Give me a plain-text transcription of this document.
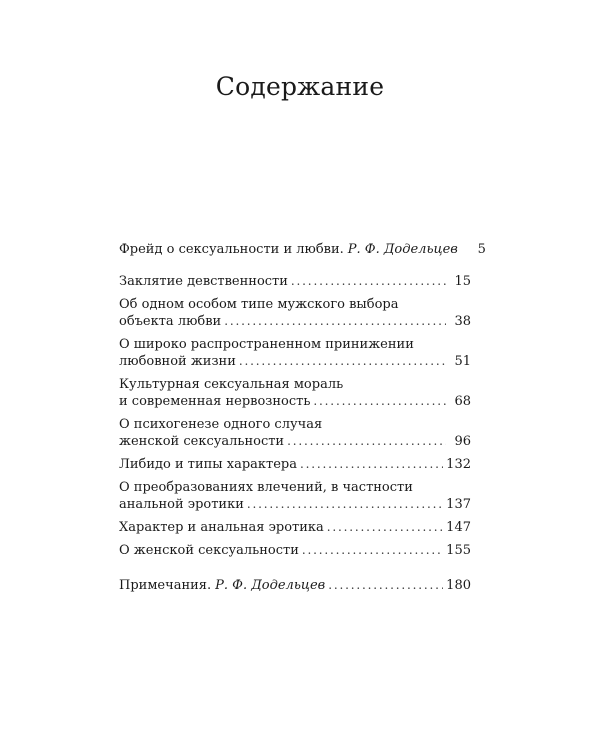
Содержание
Фрейд о сексуальности и любви. Р. Ф. Додельцев	5
Заклятие девственности . . .	15
Об одном особом типе мужского выбора
объекта любви . . .	38
О широко распространенном принижении
любовной жизни . . .	51
Культурная сексуальная мораль
и современная нервозность . . .	68
О психогенезе одного случая
женской сексуальности . . .	96
Либидо и типы характера . . .	132
О преобразованиях влечений, в частности
анальной эротики . . .	137
Характер и анальная эротика . . .	147
О женской сексуальности . . .	155
Примечания. Р. Ф. Додельцев . . .	180
